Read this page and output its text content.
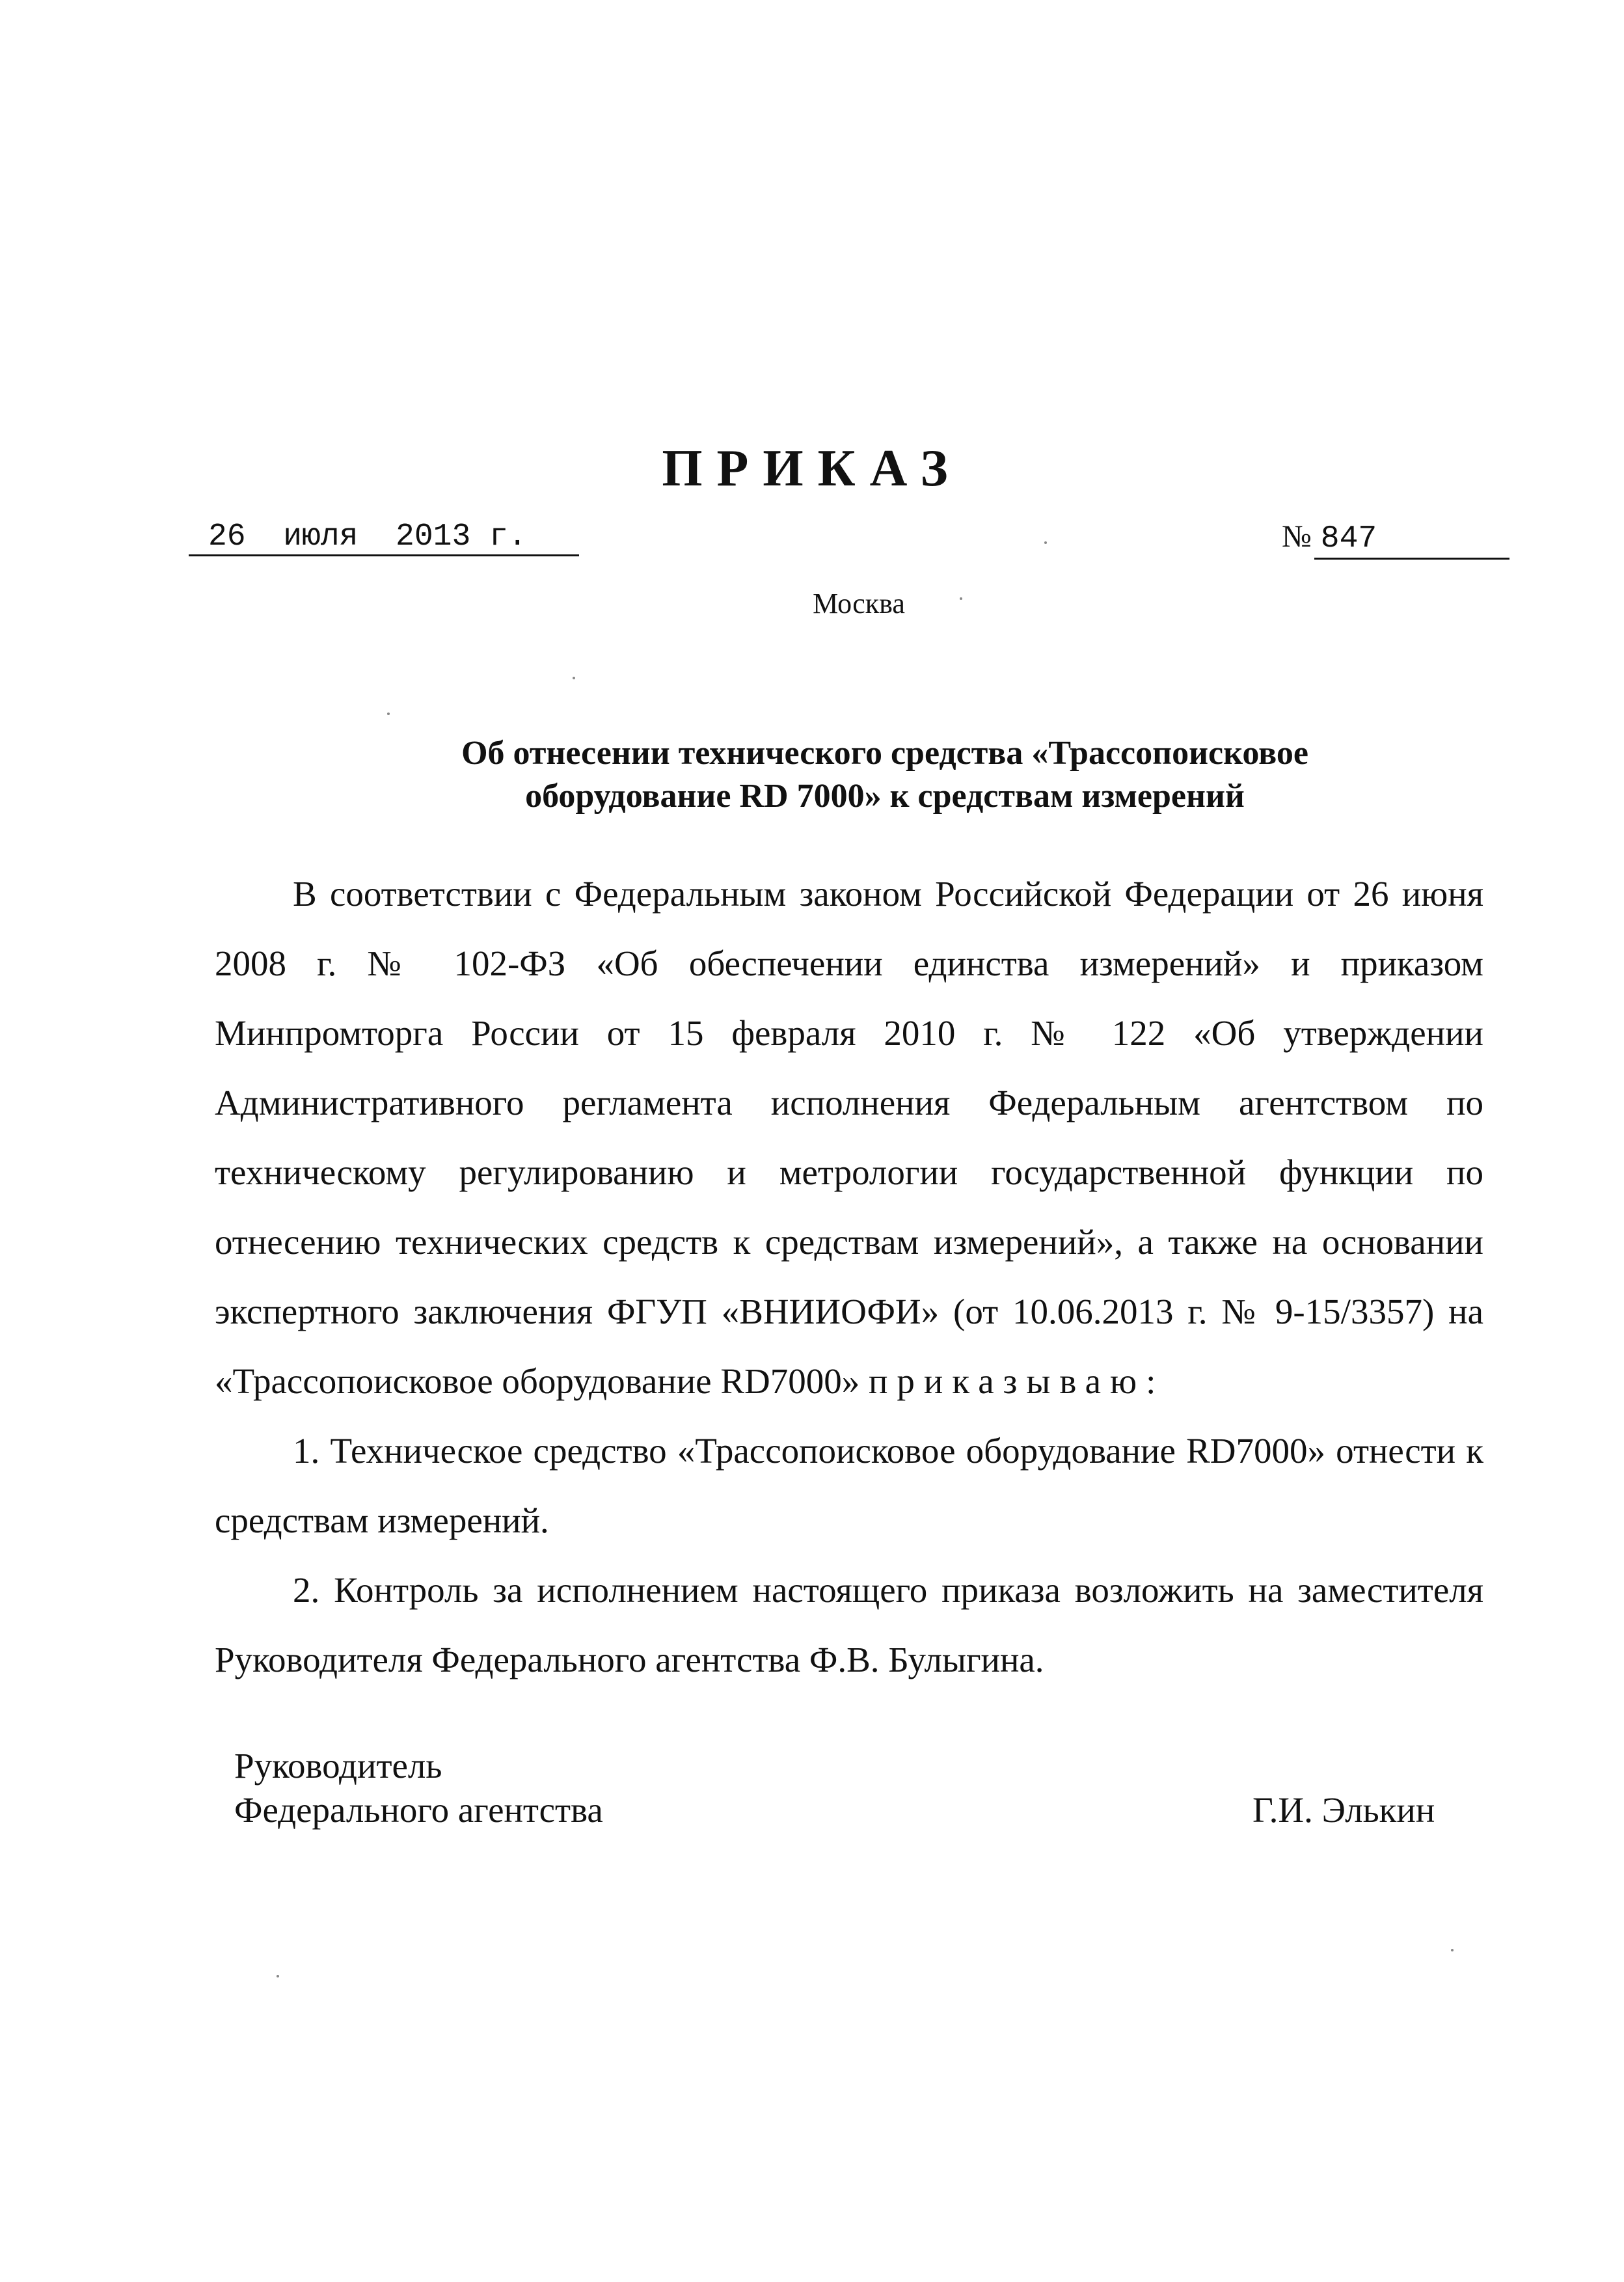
ПРИКАЗ
26  июля  2013 г.	№ 847
Москва
Об отнесении технического средства «Трассопоисковое
оборудование RD 7000» к средствам измерений

В соответствии с Федеральным законом Российской Федерации от 26 июня 2008 г. № 102-ФЗ «Об обеспечении единства измерений» и приказом Минпромторга России от 15 февраля 2010 г. № 122 «Об утверждении Административного регламента исполнения Федеральным агентством по техническому регулированию и метрологии государственной функции по отнесению технических средств к средствам измерений», а также на основании экспертного заключения ФГУП «ВНИИОФИ» (от 10.06.2013 г. № 9-15/3357) на «Трассопоисковое оборудование RD7000» приказываю:

1. Техническое средство «Трассопоисковое оборудование RD7000» отнести к средствам измерений.

2. Контроль за исполнением настоящего приказа возложить на заместителя Руководителя Федерального агентства Ф.В. Булыгина.

Руководитель
Федерального агентства	Г.И. Элькин
